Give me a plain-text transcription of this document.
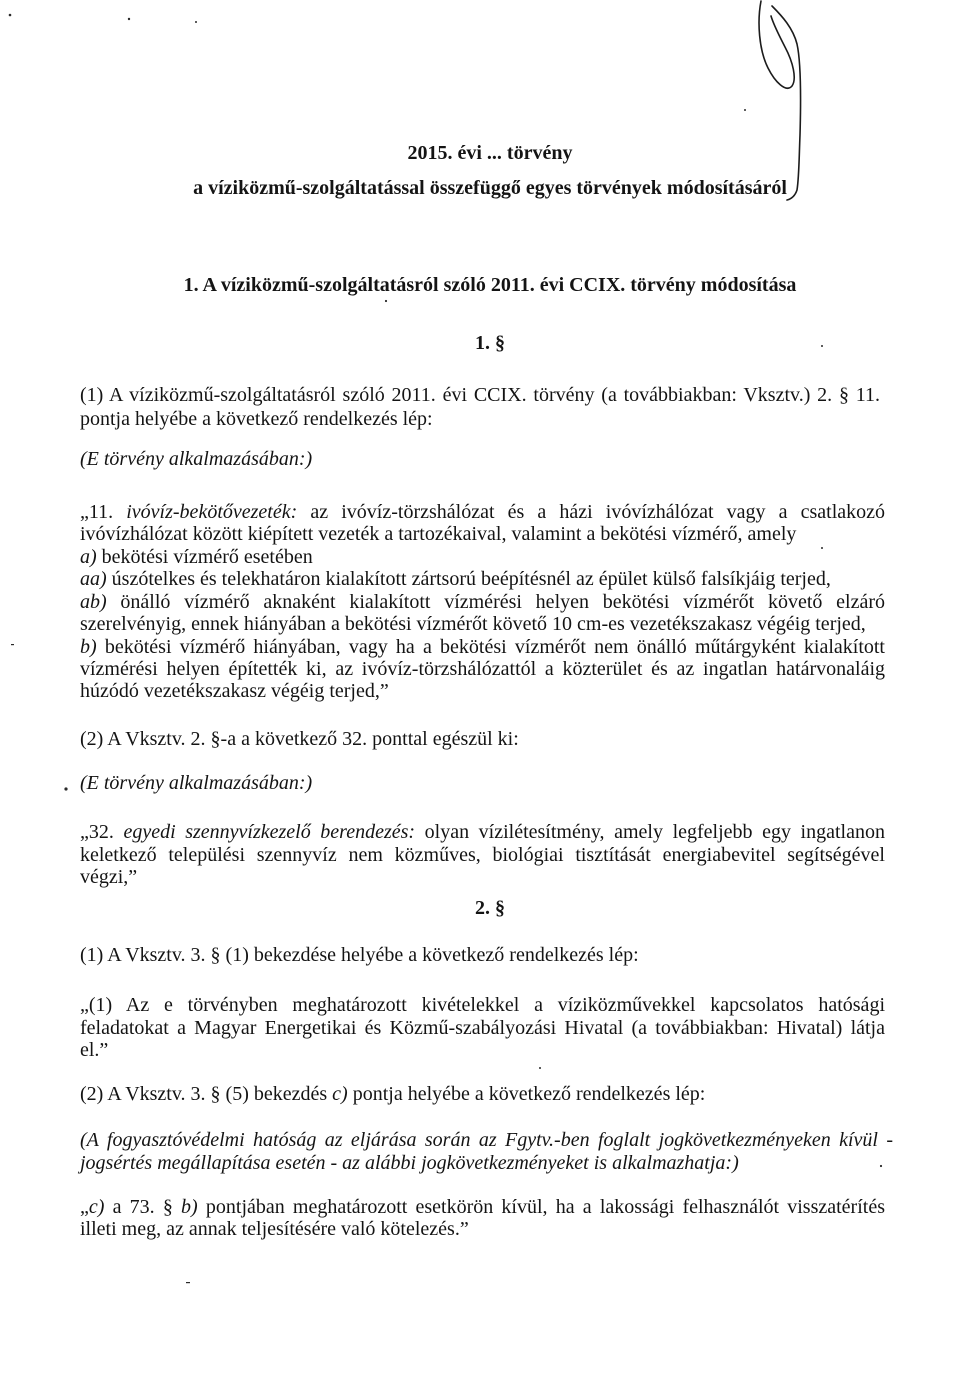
2015. évi ... törvény
a víziközmű-szolgáltatással összefüggő egyes törvények módosításáról
1. A víziközmű-szolgáltatásról szóló 2011. évi CCIX. törvény módosítása
1. §
(1) A víziközmű-szolgáltatásról szóló 2011. évi CCIX. törvény (a továbbiakban: Vksztv.) 2. § 11.
pontja helyébe a következő rendelkezés lép:
(E törvény alkalmazásában:)
„11. ivóvíz-bekötővezeték: az ivóvíz-törzshálózat és a házi ivóvízhálózat vagy a csatlakozó
ivóvízhálózat között kiépített vezeték a tartozékaival, valamint a bekötési vízmérő, amely
a) bekötési vízmérő esetében
aa) úszótelkes és telekhatáron kialakított zártsorú beépítésnél az épület külső falsíkjáig terjed,
ab) önálló vízmérő aknaként kialakított vízmérési helyen bekötési vízmérőt követő elzáró
szerelvényig, ennek hiányában a bekötési vízmérőt követő 10 cm-es vezetékszakasz végéig terjed,
b) bekötési vízmérő hiányában, vagy ha a bekötési vízmérőt nem önálló műtárgyként kialakított
vízmérési helyen építették ki, az ivóvíz-törzshálózattól a közterület és az ingatlan határvonaláig
húzódó vezetékszakasz végéig terjed,”
(2) A Vksztv. 2. §-a a következő 32. ponttal egészül ki:
(E törvény alkalmazásában:)
„32. egyedi szennyvízkezelő berendezés: olyan vízilétesítmény, amely legfeljebb egy ingatlanon
keletkező települési szennyvíz nem közműves, biológiai tisztítását energiabevitel segítségével
végzi,”
2. §
(1) A Vksztv. 3. § (1) bekezdése helyébe a következő rendelkezés lép:
„(1) Az e törvényben meghatározott kivételekkel a víziközművekkel kapcsolatos hatósági
feladatokat a Magyar Energetikai és Közmű-szabályozási Hivatal (a továbbiakban: Hivatal) látja
el.”
(2) A Vksztv. 3. § (5) bekezdés c) pontja helyébe a következő rendelkezés lép:
(A fogyasztóvédelmi hatóság az eljárása során az Fgytv.-ben foglalt jogkövetkezményeken kívül -
jogsértés megállapítása esetén - az alábbi jogkövetkezményeket is alkalmazhatja:)
„c) a 73. § b) pontjában meghatározott esetkörön kívül, ha a lakossági felhasználót visszatérítés
illeti meg, az annak teljesítésére való kötelezés.”
